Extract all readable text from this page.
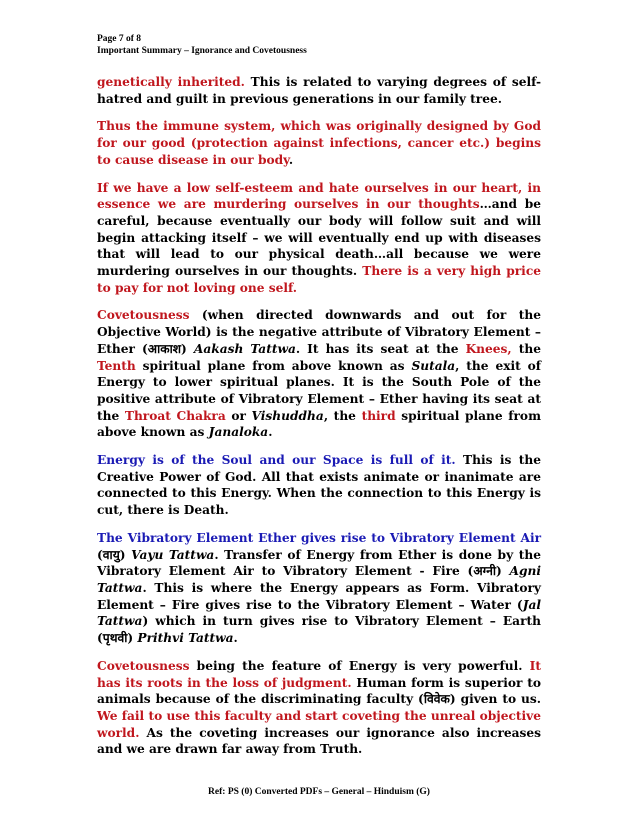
Page 7 of 8
Important Summary – Ignorance and Covetousness

genetically inherited. This is related to varying degrees of self-hatred and guilt in previous generations in our family tree.

Thus the immune system, which was originally designed by God for our good (protection against infections, cancer etc.) begins to cause disease in our body.

If we have a low self-esteem and hate ourselves in our heart, in essence we are murdering ourselves in our thoughts…and be careful, because eventually our body will follow suit and will begin attacking itself – we will eventually end up with diseases that will lead to our physical death…all because we were murdering ourselves in our thoughts. There is a very high price to pay for not loving one self.

Covetousness (when directed downwards and out for the Objective World) is the negative attribute of Vibratory Element – Ether (आकाश) Aakash Tattwa. It has its seat at the Knees, the Tenth spiritual plane from above known as Sutala, the exit of Energy to lower spiritual planes. It is the South Pole of the positive attribute of Vibratory Element – Ether having its seat at the Throat Chakra or Vishuddha, the third spiritual plane from above known as Janaloka.

Energy is of the Soul and our Space is full of it. This is the Creative Power of God. All that exists animate or inanimate are connected to this Energy. When the connection to this Energy is cut, there is Death.

The Vibratory Element Ether gives rise to Vibratory Element Air (वायु) Vayu Tattwa. Transfer of Energy from Ether is done by the Vibratory Element Air to Vibratory Element - Fire (अग्नी) Agni Tattwa. This is where the Energy appears as Form. Vibratory Element – Fire gives rise to the Vibratory Element – Water (Jal Tattwa) which in turn gives rise to Vibratory Element – Earth (पृथवी) Prithvi Tattwa.

Covetousness being the feature of Energy is very powerful. It has its roots in the loss of judgment. Human form is superior to animals because of the discriminating faculty (विवेक) given to us. We fail to use this faculty and start coveting the unreal objective world. As the coveting increases our ignorance also increases and we are drawn far away from Truth.

Ref: PS (0) Converted PDFs – General – Hinduism (G)
